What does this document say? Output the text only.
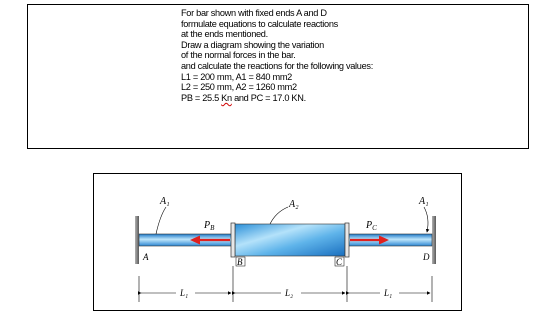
For bar shown with fixed ends A and D
formulate equations to calculate reactions
at the ends mentioned.
Draw a diagram showing the variation
of the normal forces in the bar.
and calculate the reactions for the following values:
L1 = 200 mm, A1 = 840 mm2
L2 = 250 mm, A2 = 1260 mm2
PB = 25.5 Kn and PC = 17.0 KN.

A₁	A₂	A₁
$P_B$	$P_C$
A	B	C	D
L₁	L₂	L₁
